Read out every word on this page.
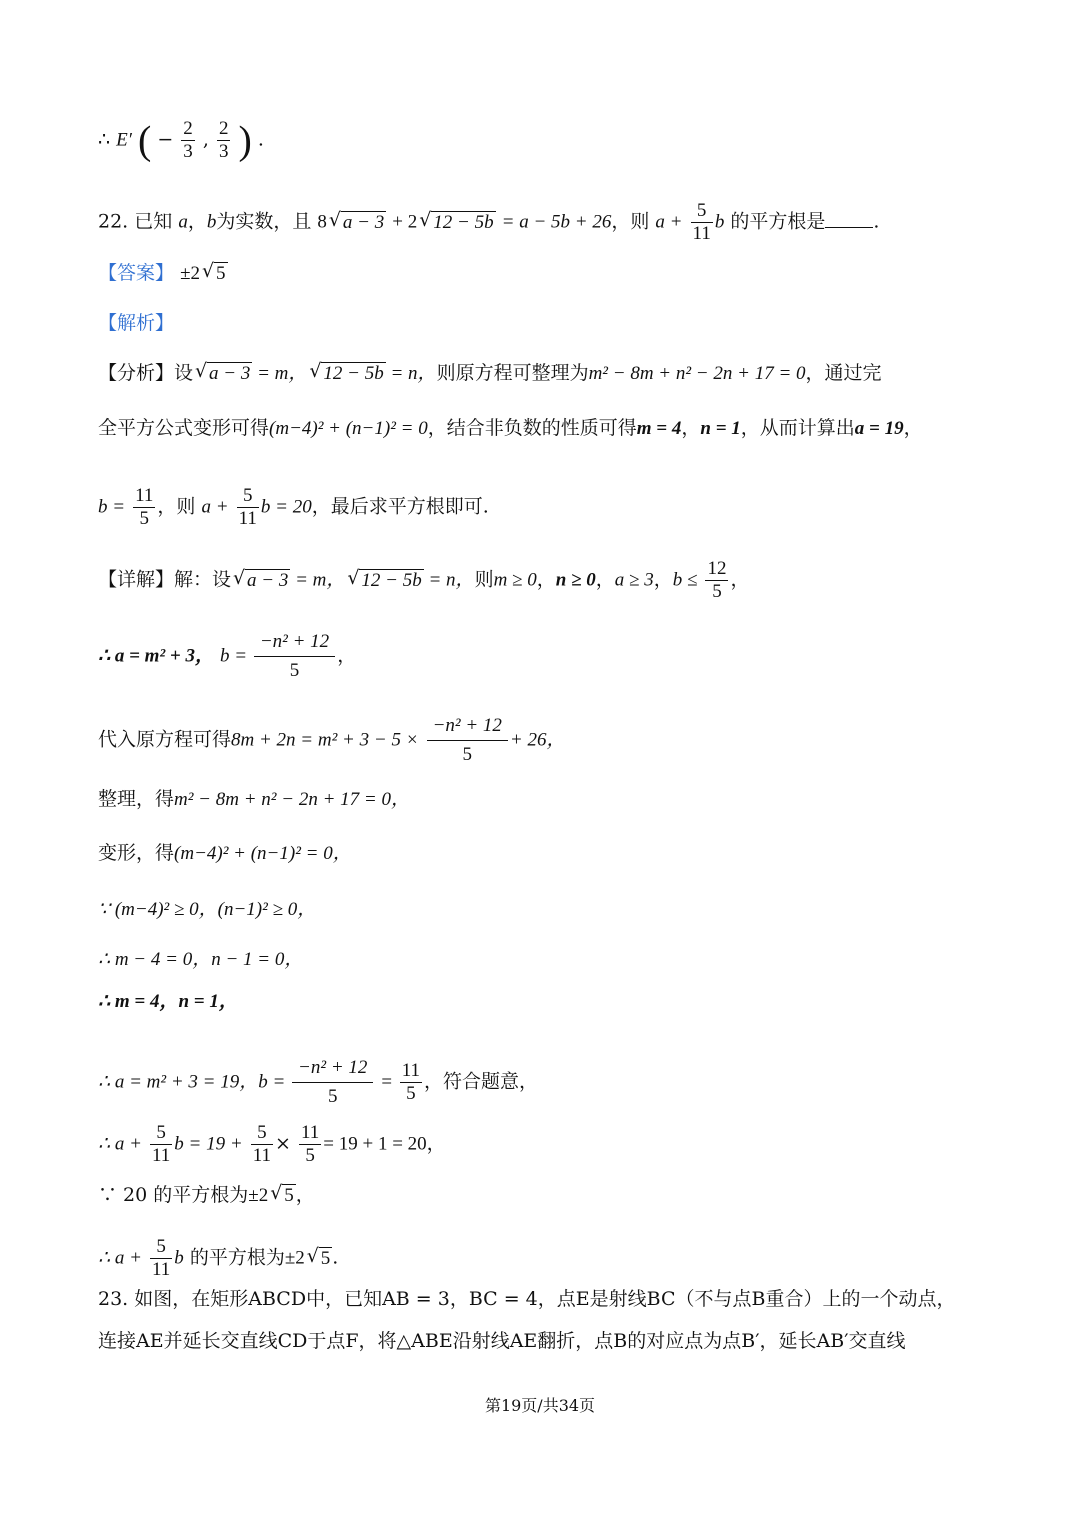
∴ E′ ( − $\frac{2}{3}$ , $\frac{2}{3}$ ) .
22. 已知 a，b为实数，且 8 √ a − 3 + 2 √ 12 − 5b = a − 5b + 26，则 $a + \frac{5}{11}$ b 的平方根是	.
【答案】 ±2 √ 5
【解析】
【分析】设 √ a − 3 = m， √ 12 − 5b = n，则原方程可整理为m² − 8m + n² − 2n + 17 = 0，通过完
全平方公式变形可得(m−4)² + (n−1)² = 0，结合非负数的性质可得m = 4，n = 1，从而计算出a = 19，
$b = \frac{11}{5}$ ，则 $a + \frac{5}{11}$ b = 20，最后求平方根即可.
【详解】解：设 √ a − 3 = m， √ 12 − 5b = n，则m ≥ 0，n ≥ 0，a ≥ 3，$b \le \frac{12}{5}$ ，
∴ a = m² + 3， $b = \frac{\text{−n² + 12}}{5}$ ，
代入原方程可得$8m + 2n = m^2 + 3 - 5 \times \frac{\text{−n² + 12}}{5} + 26$，
整理，得m² − 8m + n² − 2n + 17 = 0，
变形，得(m−4)² + (n−1)² = 0，
∵ (m−4)² ≥ 0，(n−1)² ≥ 0，
∴ m − 4 = 0，n − 1 = 0，
∴ m = 4，n = 1，
∴ a = m² + 3 = 19，$b = \frac{\text{−n² + 12}}{5} = \frac{11}{5}$ ，符合题意，
∴ $a + \frac{5}{11}$ $b = 19 + \frac{5}{11} \times \frac{11}{5} = 19 + 1 = 20$，
∵ 20 的平方根为±2 √ 5 ，
∴ $a + \frac{5}{11}$ b 的平方根为±2 √ 5 .
23. 如图，在矩形ABCD中，已知AB = 3，BC = 4，点E是射线BC（不与点B重合）上的一个动点，
连接AE并延长交直线CD于点F，将△ABE沿射线AE翻折，点B的对应点为点B′，延长AB′交直线
第19页/共34页
